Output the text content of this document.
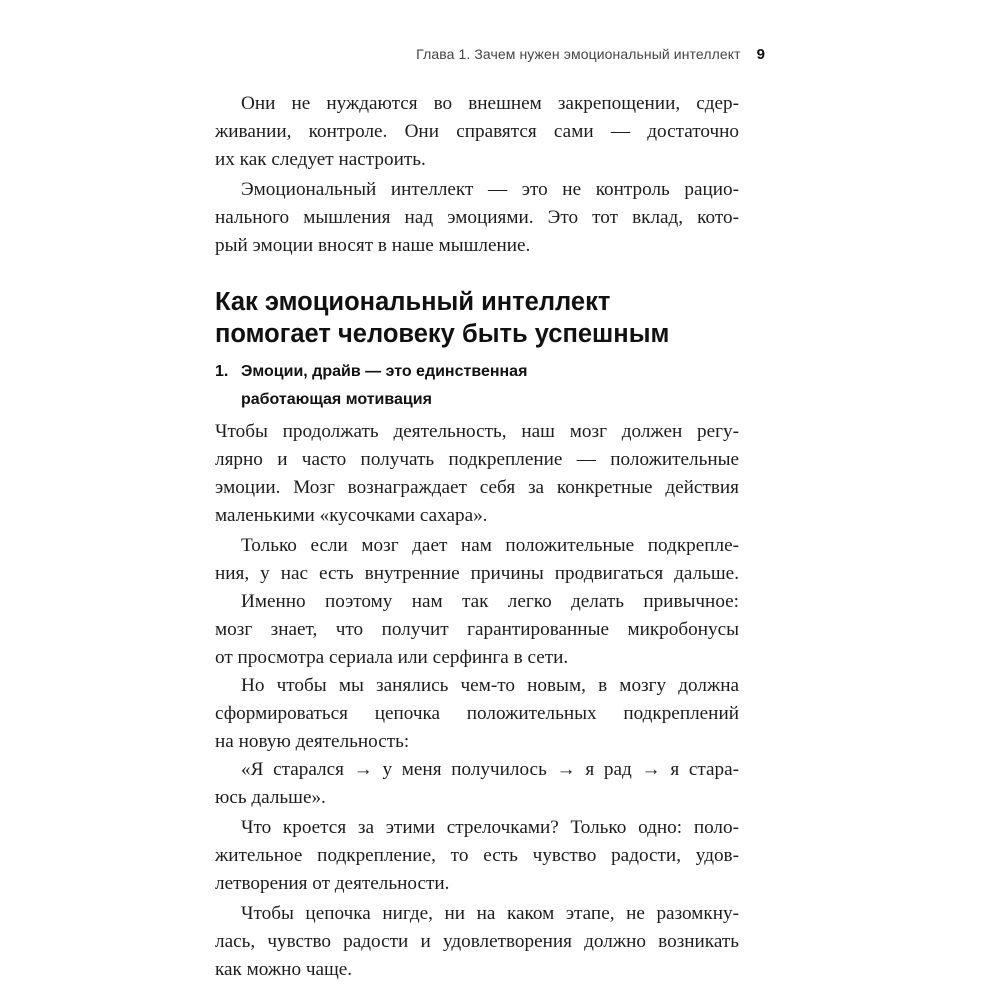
Глава 1. Зачем нужен эмоциональный интеллект 9
Они не нуждаются во внешнем закрепощении, сдер-
живании, контроле. Они справятся сами — достаточно
их как следует настроить.
Эмоциональный интеллект — это не контроль рацио-
нального мышления над эмоциями. Это тот вклад, кото-
рый эмоции вносят в наше мышление.
Как эмоциональный интеллект
помогает человеку быть успешным
1. Эмоции, драйв — это единственная
работающая мотивация
Чтобы продолжать деятельность, наш мозг должен регу-
лярно и часто получать подкрепление — положительные
эмоции. Мозг вознаграждает себя за конкретные действия
маленькими «кусочками сахара».
Только если мозг дает нам положительные подкрепле-
ния, у нас есть внутренние причины продвигаться дальше.
Именно поэтому нам так легко делать привычное:
мозг знает, что получит гарантированные микробонусы
от просмотра сериала или серфинга в сети.
Но чтобы мы занялись чем-то новым, в мозгу должна
сформироваться цепочка положительных подкреплений
на новую деятельность:
«Я старался → у меня получилось → я рад → я стара-
юсь дальше».
Что кроется за этими стрелочками? Только одно: поло-
жительное подкрепление, то есть чувство радости, удов-
летворения от деятельности.
Чтобы цепочка нигде, ни на каком этапе, не разомкну-
лась, чувство радости и удовлетворения должно возникать
как можно чаще.
